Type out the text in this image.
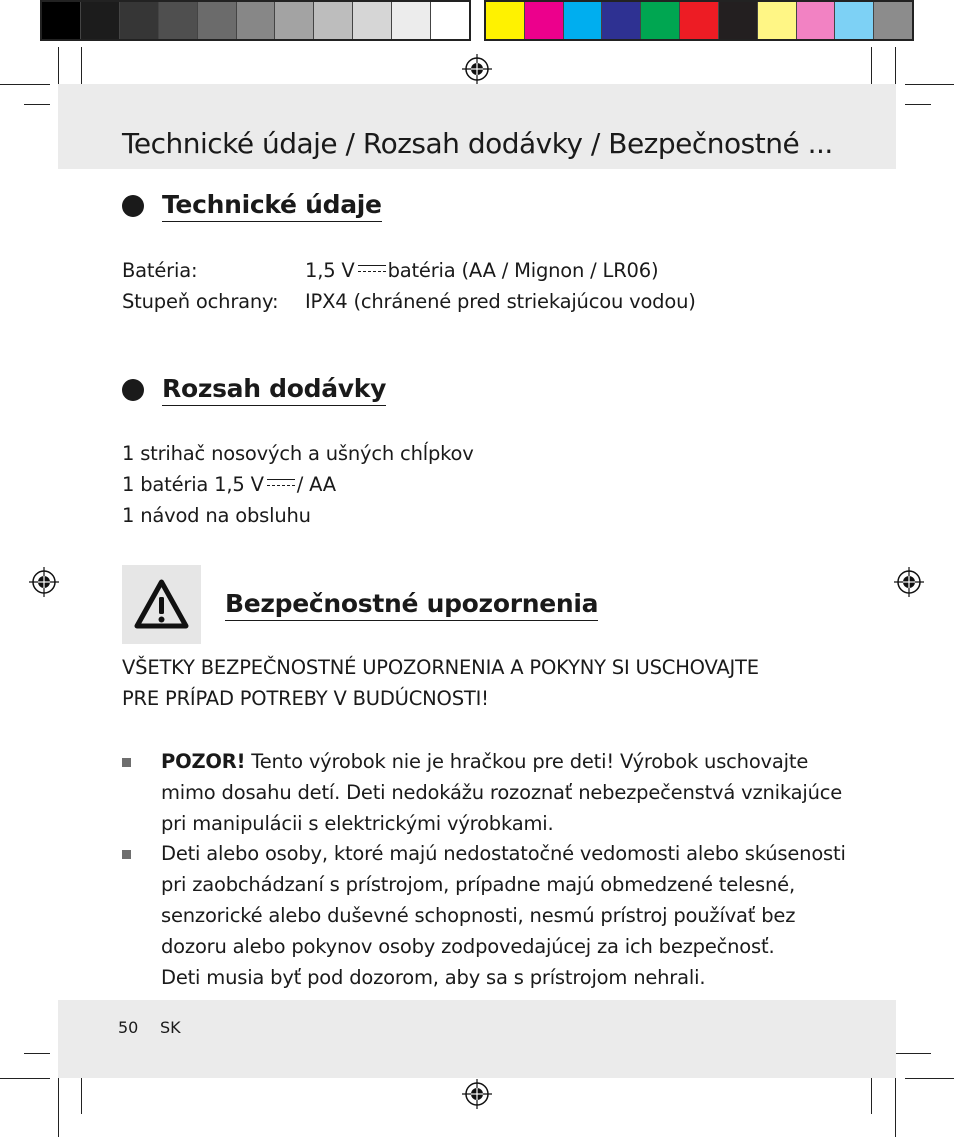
Technické údaje / Rozsah dodávky / Bezpečnostné ...
Technické údaje
Batéria:	1,5 V batéria (AA / Mignon / LR06)
Stupeň ochrany: IPX4 (chránené pred striekajúcou vodou)
Rozsah dodávky
1 strihač nosových a ušných chĺpkov
1 batéria 1,5 V / AA
1 návod na obsluhu
Bezpečnostné upozornenia
VŠETKY BEZPEČNOSTNÉ UPOZORNENIA A POKYNY SI USCHOVAJTE
PRE PRÍPAD POTREBY V BUDÚCNOSTI!
POZOR! Tento výrobok nie je hračkou pre deti! Výrobok uschovajte
mimo dosahu detí. Deti nedokážu rozoznať nebezpečenstvá vznikajúce
pri manipulácii s elektrickými výrobkami.
Deti alebo osoby, ktoré majú nedostatočné vedomosti alebo skúsenosti
pri zaobchádzaní s prístrojom, prípadne majú obmedzené telesné,
senzorické alebo duševné schopnosti, nesmú prístroj používať bez
dozoru alebo pokynov osoby zodpovedajúcej za ich bezpečnosť.
Deti musia byť pod dozorom, aby sa s prístrojom nehrali.
50 SK
